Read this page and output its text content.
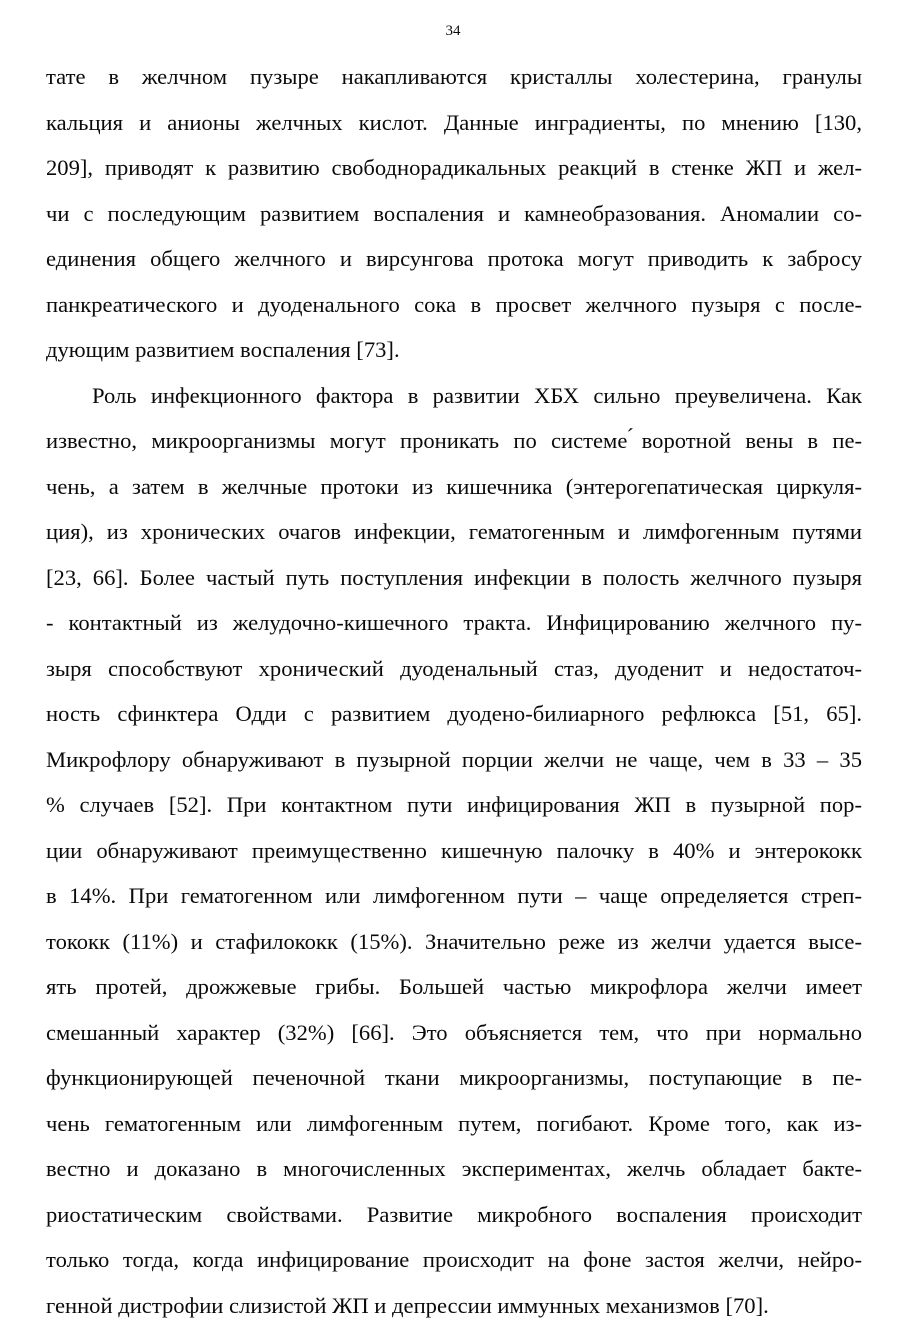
34
тате в желчном пузыре накапливаются кристаллы холестерина, гранулы
кальция и анионы желчных кислот. Данные ингрaдиенты, по мнению [130,
209], приводят к развитию свободнорадикальных реакций в стенке ЖП и жел-
чи с последующим развитием воспаления и камнеобразования. Аномалии со-
единения общего желчного и вирсунгова протока могут приводить к забросу
панкреатического и дуоденального сока в просвет желчного пузыря с после-
дующим развитием воспаления [73].
Роль инфекционного фактора в развитии ХБХ сильно преувеличена. Как
известно, микроорганизмы могут проникать по системе ́воротной вены в пе-
чень, а затем в желчные протоки из кишечника (энтерогепатическая циркуля-
ция), из хронических очагов инфекции, гематогенным и лимфогенным путями
[23, 66]. Более частый путь поступления инфекции в полость желчного пузыря
- контактный из желудочно-кишечного тракта. Инфицированию желчного пу-
зыря способствуют хронический дуоденальный стаз, дуоденит и недостаточ-
ность сфинктера Одди с развитием дуодено-билиарного рефлюкса [51, 65].
Микрофлору обнаруживают в пузырной порции желчи не чаще, чем в 33 – 35
% случаев [52]. При контактном пути инфицирования ЖП в пузырной пор-
ции обнаруживают преимущественно кишечную палочку в 40% и энтерококк
в 14%. При гематогенном или лимфогенном пути – чаще определяется стреп-
тококк (11%) и стафилококк (15%). Значительно реже из желчи удается высе-
ять протей, дрожжевые грибы. Большей частью микрофлора желчи имеет
смешанный характер (32%) [66]. Это объясняется тем, что при нормально
функционирующей печеночной ткани микроорганизмы, поступающие в пе-
чень гематогенным или лимфогенным путем, погибают. Кроме того, как из-
вестно и доказано в многочисленных экспериментах, желчь обладает бакте-
риостатическим свойствами. Развитие микробного воспаления происходит
только тогда, когда инфицирование происходит на фоне застоя желчи, нейро-
генной дистрофии слизистой ЖП и депрессии иммунных механизмов [70].
